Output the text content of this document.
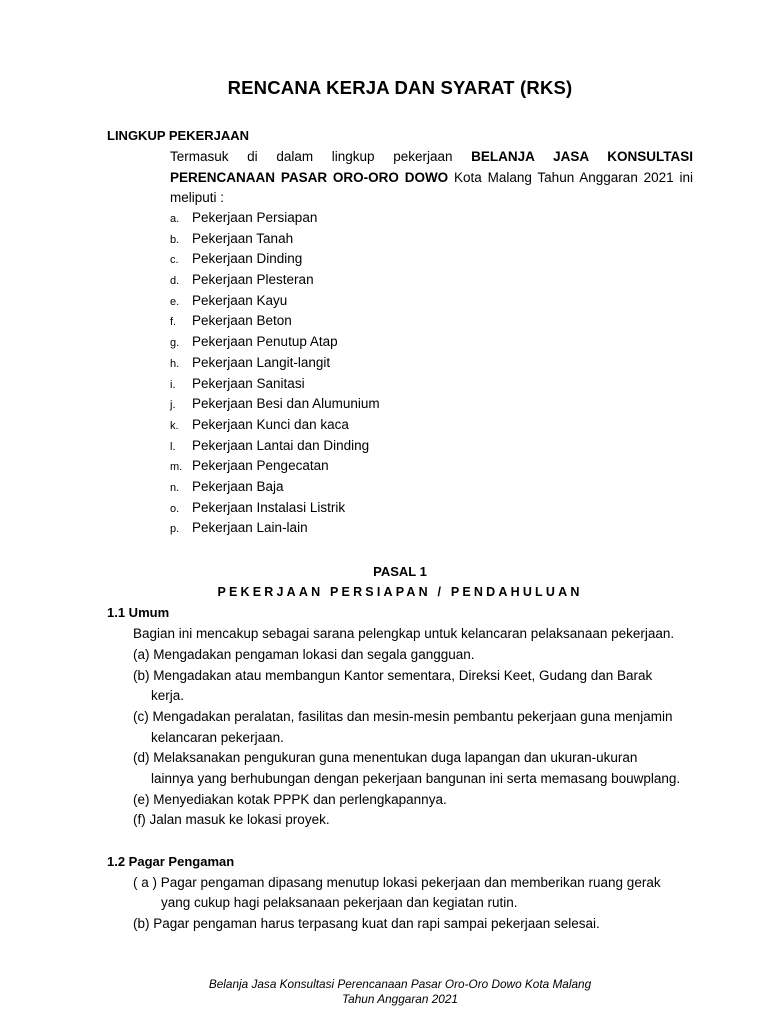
RENCANA KERJA DAN SYARAT (RKS)
LINGKUP PEKERJAAN
Termasuk di dalam lingkup pekerjaan BELANJA JASA KONSULTASI PERENCANAAN PASAR ORO-ORO DOWO Kota Malang Tahun Anggaran 2021 ini meliputi :
a. Pekerjaan Persiapan
b. Pekerjaan Tanah
c. Pekerjaan Dinding
d. Pekerjaan Plesteran
e. Pekerjaan Kayu
f. Pekerjaan Beton
g. Pekerjaan Penutup Atap
h. Pekerjaan Langit-langit
i. Pekerjaan Sanitasi
j. Pekerjaan Besi dan Alumunium
k. Pekerjaan Kunci dan kaca
l. Pekerjaan Lantai dan Dinding
m. Pekerjaan Pengecatan
n. Pekerjaan Baja
o. Pekerjaan Instalasi Listrik
p. Pekerjaan Lain-lain
PASAL 1
PEKERJAAN PERSIAPAN / PENDAHULUAN
1.1 Umum
Bagian ini mencakup sebagai sarana pelengkap untuk kelancaran pelaksanaan pekerjaan.
(a) Mengadakan pengaman lokasi dan segala gangguan.
(b) Mengadakan atau membangun Kantor sementara, Direksi Keet, Gudang dan Barak
kerja.
(c) Mengadakan peralatan, fasilitas dan mesin-mesin pembantu pekerjaan guna menjamin
kelancaran pekerjaan.
(d) Melaksanakan pengukuran guna menentukan duga lapangan dan ukuran-ukuran
lainnya yang berhubungan dengan pekerjaan bangunan ini serta memasang bouwplang.
(e) Menyediakan kotak PPPK dan perlengkapannya.
(f) Jalan masuk ke lokasi proyek.
1.2 Pagar Pengaman
( a ) Pagar pengaman dipasang menutup lokasi pekerjaan dan memberikan ruang gerak
yang cukup hagi pelaksanaan pekerjaan dan kegiatan rutin.
(b) Pagar pengaman harus terpasang kuat dan rapi sampai pekerjaan selesai.
Belanja Jasa Konsultasi Perencanaan Pasar Oro-Oro Dowo Kota Malang
Tahun Anggaran 2021
